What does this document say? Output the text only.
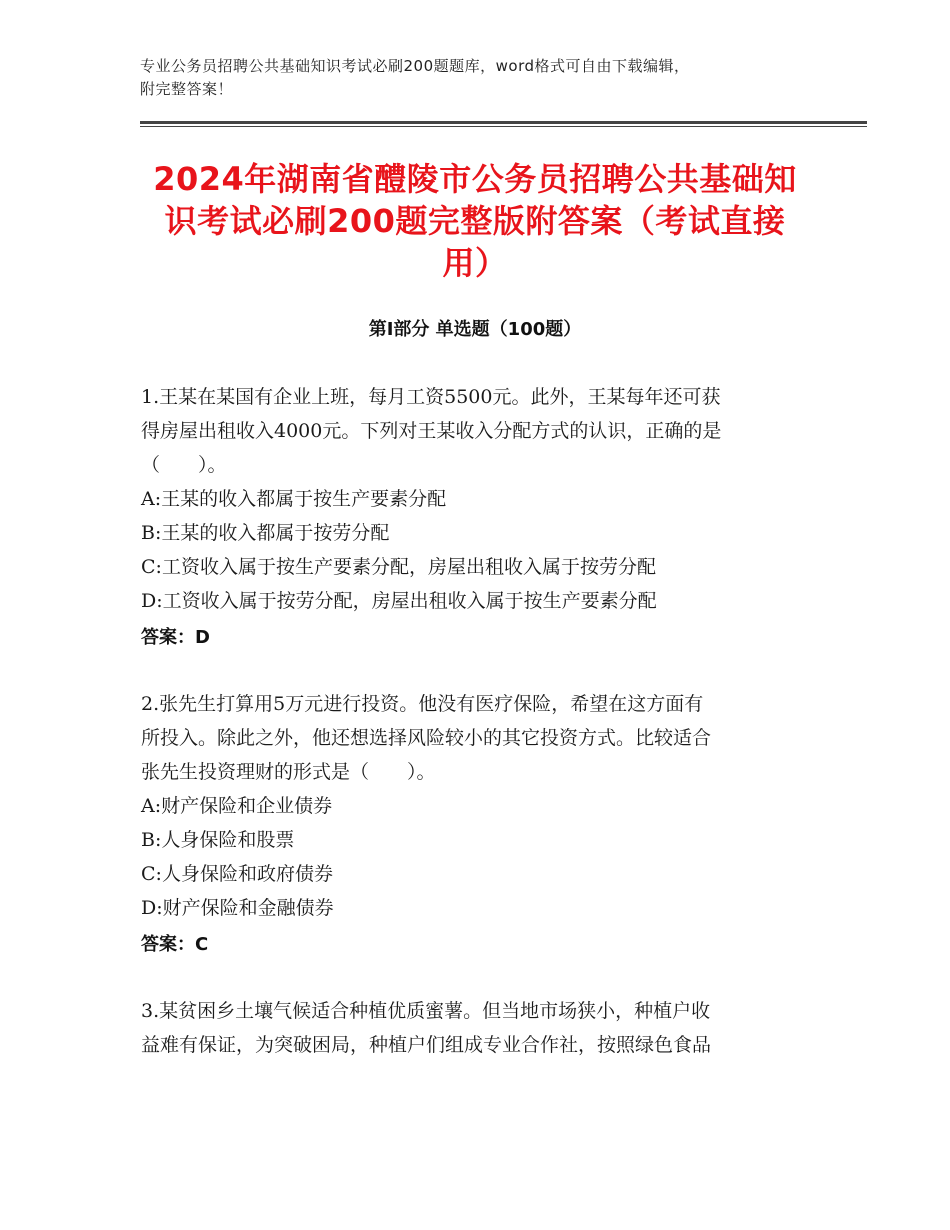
专业公务员招聘公共基础知识考试必刷200题题库，word格式可自由下载编辑，
附完整答案！
2024年湖南省醴陵市公务员招聘公共基础知
识考试必刷200题完整版附答案（考试直接
用）
第Ⅰ部分 单选题（100题）
1.王某在某国有企业上班，每月工资5500元。此外，王某每年还可获
得房屋出租收入4000元。下列对王某收入分配方式的认识，正确的是
（　　）。
A:王某的收入都属于按生产要素分配
B:王某的收入都属于按劳分配
C:工资收入属于按生产要素分配，房屋出租收入属于按劳分配
D:工资收入属于按劳分配，房屋出租收入属于按生产要素分配
答案：D
2.张先生打算用5万元进行投资。他没有医疗保险，希望在这方面有
所投入。除此之外，他还想选择风险较小的其它投资方式。比较适合
张先生投资理财的形式是（　　）。
A:财产保险和企业债券
B:人身保险和股票
C:人身保险和政府债券
D:财产保险和金融债券
答案：C
3.某贫困乡土壤气候适合种植优质蜜薯。但当地市场狭小，种植户收
益难有保证，为突破困局，种植户们组成专业合作社，按照绿色食品
